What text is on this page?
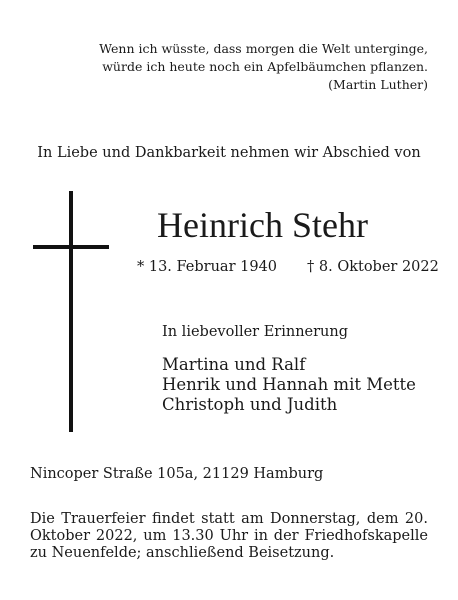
Wenn ich wüsste, dass morgen die Welt unterginge,
würde ich heute noch ein Apfelbäumchen pflanzen.
(Martin Luther)
In Liebe und Dankbarkeit nehmen wir Abschied von
Heinrich Stehr
* 13. Februar 1940 † 8. Oktober 2022
In liebevoller Erinnerung
Martina und Ralf
Henrik und Hannah mit Mette
Christoph und Judith
Nincoper Straße 105a, 21129 Hamburg
Die Trauerfeier findet statt am Donnerstag, dem 20. Oktober 2022, um 13.30 Uhr in der Friedhofskapelle zu Neuenfelde; anschließend Beisetzung.
